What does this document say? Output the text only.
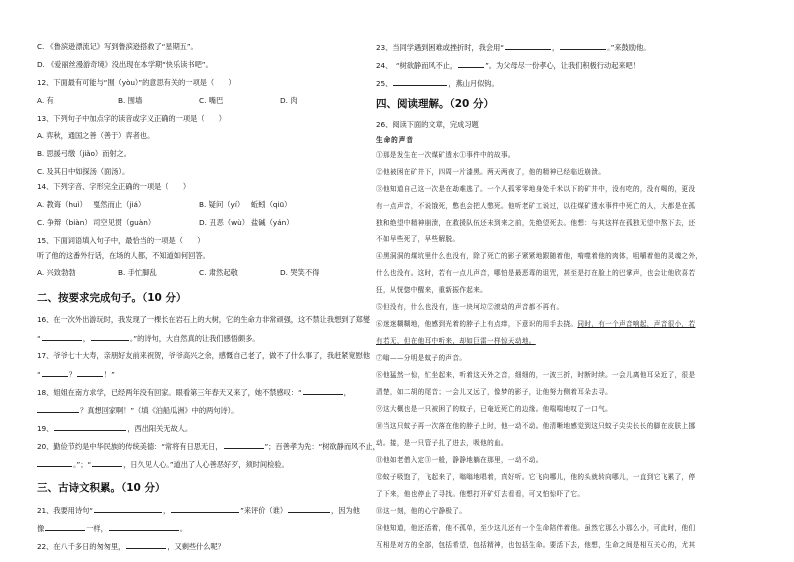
C. 《鲁滨逊漂流记》写到鲁滨逊搭救了“星期五”。
D. 《爱丽丝漫游奇境》没出现在本学期“快乐读书吧”。
12、下面最有可能与“囿（yòu）”的意思有关的一项是（　　）
A. 有	B. 围墙	C. 嘴巴	D. 肉
13、下列句子中加点字的读音或字义正确的一项是（　　）
A. 弈秋，通国之善（善于）弈者也。
B. 思援弓缴（jiǎo）而射之。
C. 及其日中如探汤（面汤）。
14、下列字音、字形完全正确的一项是（　　）
A. 教诲（huì） 戛然而止（jiá）	B. 疑问（yí） 蚯蚓（qiū）
C. 争辩（biàn） 司空见贯（guàn）	D. 丑恶（wù） 盐碱（yán）
15、下面词语填入句子中，最恰当的一项是（　　）
听了他的这番外行话，在场的人都，不知道如何回答。
A. 兴致勃勃	B. 手忙脚乱	C. 肃然起敬	D. 哭笑不得
二、按要求完成句子。（10 分）
16、在一次外出游玩时，我发现了一棵长在岩石上的大树，它的生命力非常顽强，这不禁让我想到了郑燮
“	，	。”的诗句，大自然真的让我们感悟颇多。
17、爷爷七十大寿，亲朋好友前来祝贺，爷爷高兴之余，感慨自己老了，做不了什么事了，我赶紧宽慰他
“	？	！”
18、姐姐在南方求学，已经两年没有回家。眼看第三年春天又来了，她不禁感叹：“	，
？真想回家啊！”（填《泊船瓜洲》中的两句诗）。
19、	，西出阳关无故人。
20、勤俭节约是中华民族的传统美德：“常将有日思无日，	”；百善孝为先：“树欲静而风不止，
。”；“	，日久见人心。”道出了人心善恶好歹，须时间检验。
三、古诗文积累。（10 分）
21、我要用诗句“	，	”来评价（谁）	，因为他
像	一样，	。
22、在八千多日的匆匆里，	，又剩些什么呢？
23、当同学遇到困难或挫折时，我会用“	，	。”来鼓励他。
24、　“树欲静而风不止，	”。为父母尽一份孝心，让我们积极行动起来吧！
25、	，燕山月似钩。
四、阅读理解。（20 分）
26、阅读下面的文章，完成习题
生命的声音
①那是发生在一次煤矿透水①事件中的故事。
②他被困在矿井下，四周一片漆黑。两天两夜了，他的精神已经临近崩溃。
③他知道自己这一次是在劫难逃了。一个人孤零零地身处千米以下的矿井中，没有吃的，没有喝的，更没
有一点声音，不说饿死，憋也会把人憋死。他听老矿工说过，以往煤矿透水事件中死亡的人，大都是在孤
独和绝望中精神崩溃，在救援队伍还未到来之前，先绝望死去。他想：与其这样在孤独无望中熬下去，还
不如早些死了，早些解脱。
④黑洞洞的煤坑里什么也没有，除了死亡的影子紧紧地跟随着他，啃噬着他的肉体，咀嚼着他的灵魂之外，
什么也没有。这时，若有一点儿声音，哪怕是最恶毒的诅咒，甚至是打在脸上的巴掌声，也会让他欣喜若
狂，从恍惚中醒来，重新振作起来。
⑤但没有，什么也没有，连一块坷垃②滚动的声音都不再有。
⑥迷迷糊糊地，他感到光着的脖子上有点痒，下意识的用手去挠。同时，有一个声音响起，声音很小，若
有若无，但在他耳中听来，却如巨雷一样惊天动地。
⑦嗡——分明是蚊子的声音。
⑧他猛然一惊，忙坐起来，听着这天外之音，细细的，一波三折，时断时续。一会儿离他耳朵近了，很是
清楚，如二胡的尾音；一会儿又远了，像梦的影子，让他努力侧着耳朵去寻。
⑨这大概也是一只被困了的蚊子，已奄近死亡的边缘。他喘喘地叹了一口气。
⑩当这只蚊子再一次落在他的脖子上时，他一动不动。他清晰地感觉到这只蚊子尖尖长长的脚在皮肤上挪
动。接，是一只管子扎了进去，吸他的血。
⑪他如老僧入定③一般，静静地躺在那里，一动不动。
⑫蚊子吸饱了，飞起来了，嗡嗡地唱着，真好听。它飞向哪儿，他的头就转向哪儿，一直到它飞累了，停
了下来，他也停止了寻找。他想打开矿灯去看看，可又怕惊吓了它。
⑬这一刻，他的心宁静极了。
⑭他知道，他还活着，他不孤单，至少这儿还有一个生命陪伴着他。虽然它那么小那么小，可此时，他们
互相是对方的全部，包括希望，包括精神，也包括生命。要活下去，他想，生命之间是相互关心的，尤其
